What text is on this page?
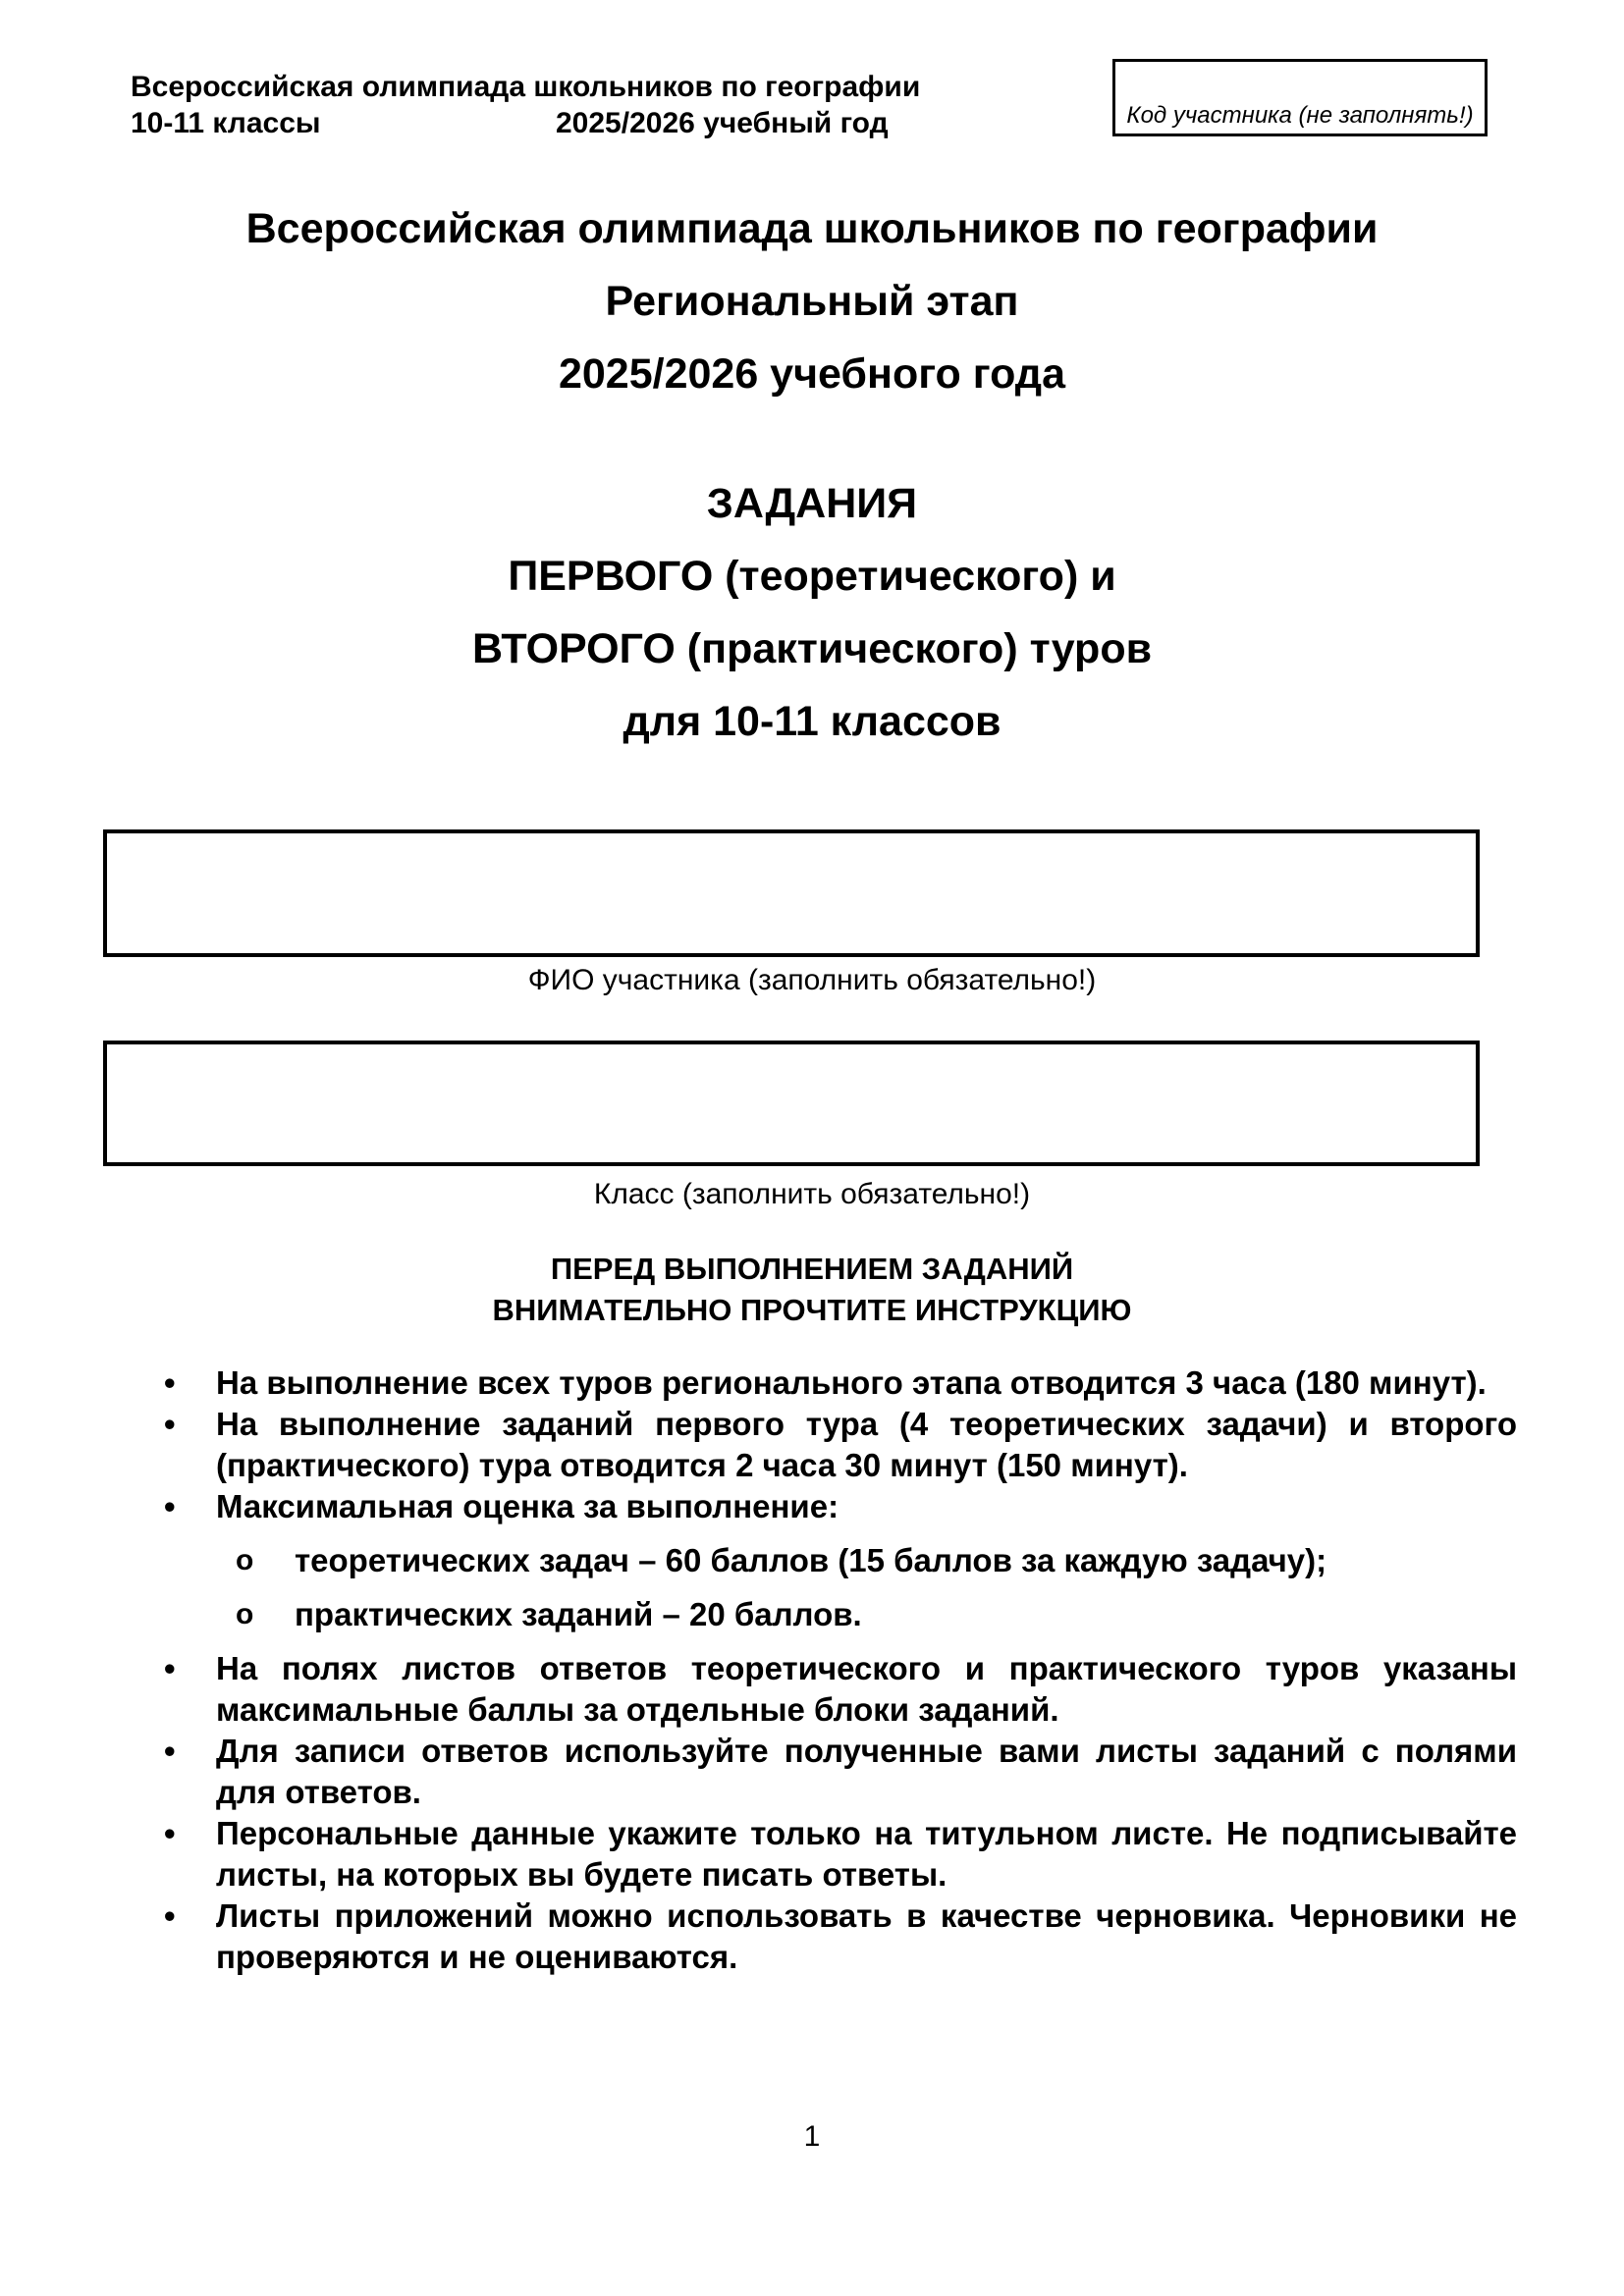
Всероссийская олимпиада школьников по географии
10-11 классы	2025/2026 учебный год	Код участника (не заполнять!)
Всероссийская олимпиада школьников по географии
Региональный этап
2025/2026 учебного года
ЗАДАНИЯ
ПЕРВОГО (теоретического) и
ВТОРОГО (практического) туров
для 10-11 классов
ФИО участника (заполнить обязательно!)
Класс (заполнить обязательно!)
ПЕРЕД ВЫПОЛНЕНИЕМ ЗАДАНИЙ
ВНИМАТЕЛЬНО ПРОЧТИТЕ ИНСТРУКЦИЮ
• На выполнение всех туров регионального этапа отводится 3 часа (180 минут).
• На выполнение заданий первого тура (4 теоретических задачи) и второго (практического) тура отводится 2 часа 30 минут (150 минут).
• Максимальная оценка за выполнение:
o теоретических задач – 60 баллов (15 баллов за каждую задачу);
o практических заданий – 20 баллов.
• На полях листов ответов теоретического и практического туров указаны максимальные баллы за отдельные блоки заданий.
• Для записи ответов используйте полученные вами листы заданий с полями для ответов.
• Персональные данные укажите только на титульном листе. Не подписывайте листы, на которых вы будете писать ответы.
• Листы приложений можно использовать в качестве черновика. Черновики не проверяются и не оцениваются.
1
